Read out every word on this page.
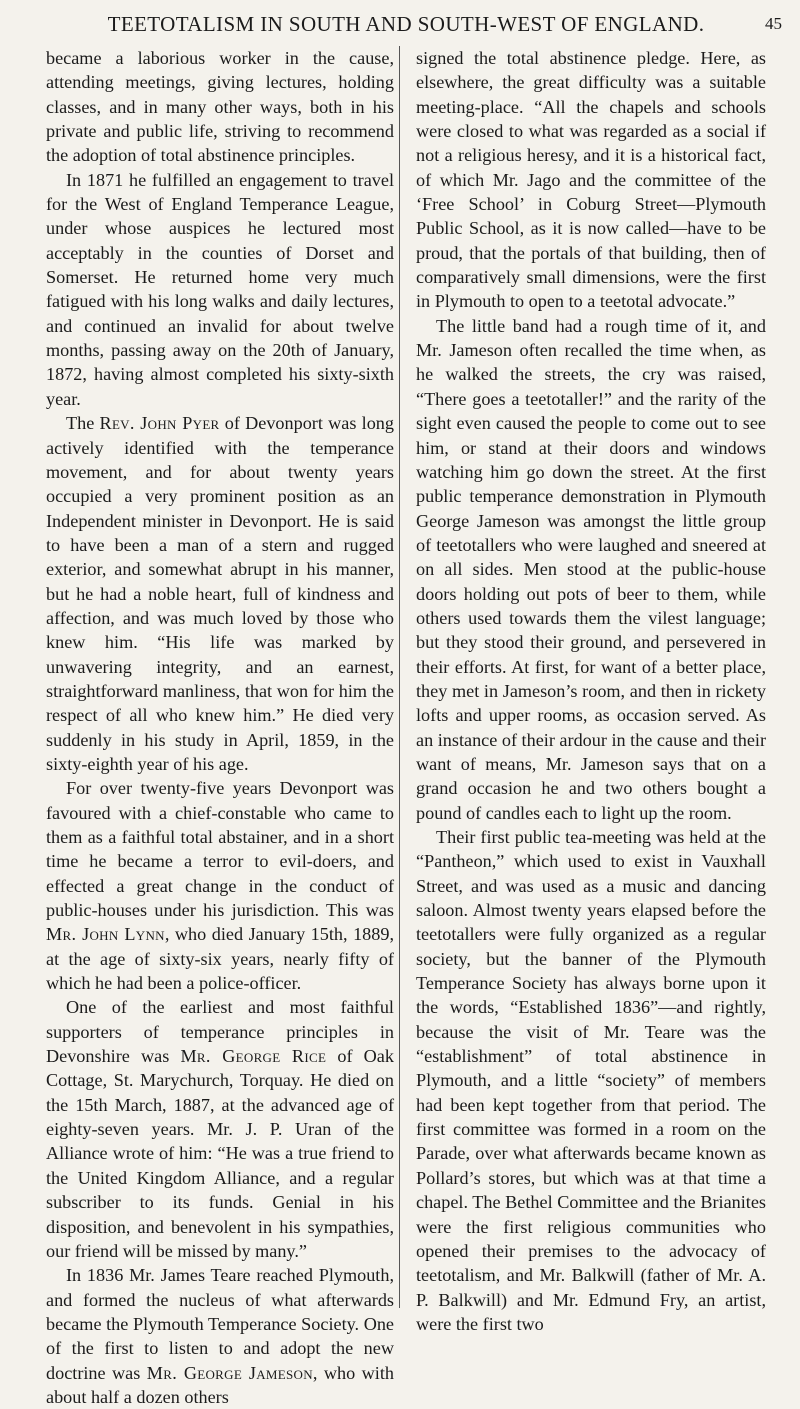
TEETOTALISM IN SOUTH AND SOUTH-WEST OF ENGLAND.	45

became a laborious worker in the cause, attending meetings, giving lectures, holding classes, and in many other ways, both in his private and public life, striving to recommend the adoption of total abstinence principles.

In 1871 he fulfilled an engagement to travel for the West of England Temperance League, under whose auspices he lectured most acceptably in the counties of Dorset and Somerset. He returned home very much fatigued with his long walks and daily lectures, and continued an invalid for about twelve months, passing away on the 20th of January, 1872, having almost completed his sixty-sixth year.

The Rev. John Pyer of Devonport was long actively identified with the temperance movement, and for about twenty years occupied a very prominent position as an Independent minister in Devonport. He is said to have been a man of a stern and rugged exterior, and somewhat abrupt in his manner, but he had a noble heart, full of kindness and affection, and was much loved by those who knew him. “His life was marked by unwavering integrity, and an earnest, straightforward manliness, that won for him the respect of all who knew him.” He died very suddenly in his study in April, 1859, in the sixty-eighth year of his age.

For over twenty-five years Devonport was favoured with a chief-constable who came to them as a faithful total abstainer, and in a short time he became a terror to evil-doers, and effected a great change in the conduct of public-houses under his jurisdiction. This was Mr. John Lynn, who died January 15th, 1889, at the age of sixty-six years, nearly fifty of which he had been a police-officer.

One of the earliest and most faithful supporters of temperance principles in Devonshire was Mr. George Rice of Oak Cottage, St. Marychurch, Torquay. He died on the 15th March, 1887, at the advanced age of eighty-seven years. Mr. J. P. Uran of the Alliance wrote of him: “He was a true friend to the United Kingdom Alliance, and a regular subscriber to its funds. Genial in his disposition, and benevolent in his sympathies, our friend will be missed by many.”

In 1836 Mr. James Teare reached Plymouth, and formed the nucleus of what afterwards became the Plymouth Temperance Society. One of the first to listen to and adopt the new doctrine was Mr. George Jameson, who with about half a dozen others

signed the total abstinence pledge. Here, as elsewhere, the great difficulty was a suitable meeting-place. “All the chapels and schools were closed to what was regarded as a social if not a religious heresy, and it is a historical fact, of which Mr. Jago and the committee of the ‘Free School’ in Coburg Street—Plymouth Public School, as it is now called—have to be proud, that the portals of that building, then of comparatively small dimensions, were the first in Plymouth to open to a teetotal advocate.”

The little band had a rough time of it, and Mr. Jameson often recalled the time when, as he walked the streets, the cry was raised, “There goes a teetotaller!” and the rarity of the sight even caused the people to come out to see him, or stand at their doors and windows watching him go down the street. At the first public temperance demonstration in Plymouth George Jameson was amongst the little group of teetotallers who were laughed and sneered at on all sides. Men stood at the public-house doors holding out pots of beer to them, while others used towards them the vilest language; but they stood their ground, and persevered in their efforts. At first, for want of a better place, they met in Jameson’s room, and then in rickety lofts and upper rooms, as occasion served. As an instance of their ardour in the cause and their want of means, Mr. Jameson says that on a grand occasion he and two others bought a pound of candles each to light up the room.

Their first public tea-meeting was held at the “Pantheon,” which used to exist in Vauxhall Street, and was used as a music and dancing saloon. Almost twenty years elapsed before the teetotallers were fully organized as a regular society, but the banner of the Plymouth Temperance Society has always borne upon it the words, “Established 1836”—and rightly, because the visit of Mr. Teare was the “establishment” of total abstinence in Plymouth, and a little “society” of members had been kept together from that period. The first committee was formed in a room on the Parade, over what afterwards became known as Pollard’s stores, but which was at that time a chapel. The Bethel Committee and the Brianites were the first religious communities who opened their premises to the advocacy of teetotalism, and Mr. Balkwill (father of Mr. A. P. Balkwill) and Mr. Edmund Fry, an artist, were the first two
